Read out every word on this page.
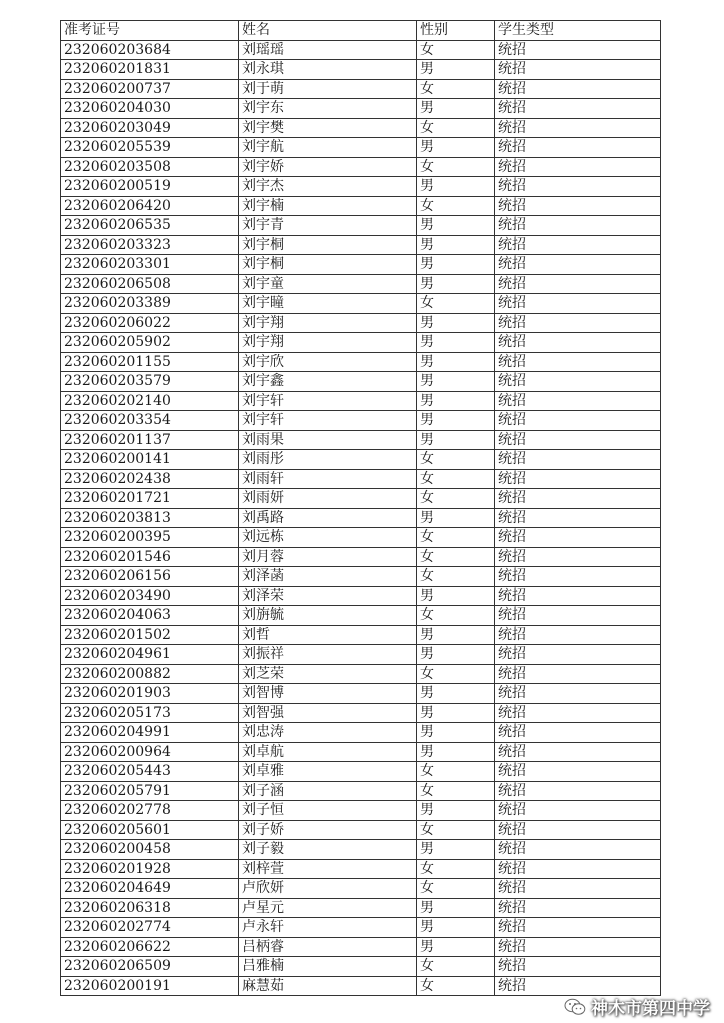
准考证号	姓名	性别	学生类型
232060203684	刘瑶瑶	女	统招
232060201831	刘永琪	男	统招
232060200737	刘于萌	女	统招
232060204030	刘宇东	男	统招
232060203049	刘宇樊	女	统招
232060205539	刘宇航	男	统招
232060203508	刘宇娇	女	统招
232060200519	刘宇杰	男	统招
232060206420	刘宇楠	女	统招
232060206535	刘宇青	男	统招
232060203323	刘宇桐	男	统招
232060203301	刘宇桐	男	统招
232060206508	刘宇童	男	统招
232060203389	刘宇瞳	女	统招
232060206022	刘宇翔	男	统招
232060205902	刘宇翔	男	统招
232060201155	刘宇欣	男	统招
232060203579	刘宇鑫	男	统招
232060202140	刘宇轩	男	统招
232060203354	刘宇轩	男	统招
232060201137	刘雨果	男	统招
232060200141	刘雨彤	女	统招
232060202438	刘雨轩	女	统招
232060201721	刘雨妍	女	统招
232060203813	刘禹路	男	统招
232060200395	刘远栋	女	统招
232060201546	刘月蓉	女	统招
232060206156	刘泽菡	女	统招
232060203490	刘泽荣	男	统招
232060204063	刘旃毓	女	统招
232060201502	刘哲	男	统招
232060204961	刘振祥	男	统招
232060200882	刘芝荣	女	统招
232060201903	刘智博	男	统招
232060205173	刘智强	男	统招
232060204991	刘忠涛	男	统招
232060200964	刘卓航	男	统招
232060205443	刘卓雅	女	统招
232060205791	刘子涵	女	统招
232060202778	刘子恒	男	统招
232060205601	刘子娇	女	统招
232060200458	刘子毅	男	统招
232060201928	刘梓萱	女	统招
232060204649	卢欣妍	女	统招
232060206318	卢星元	男	统招
232060202774	卢永轩	男	统招
232060206622	吕柄睿	男	统招
232060206509	吕雅楠	女	统招
232060200191	麻慧茹	女	统招
神木市第四中学
